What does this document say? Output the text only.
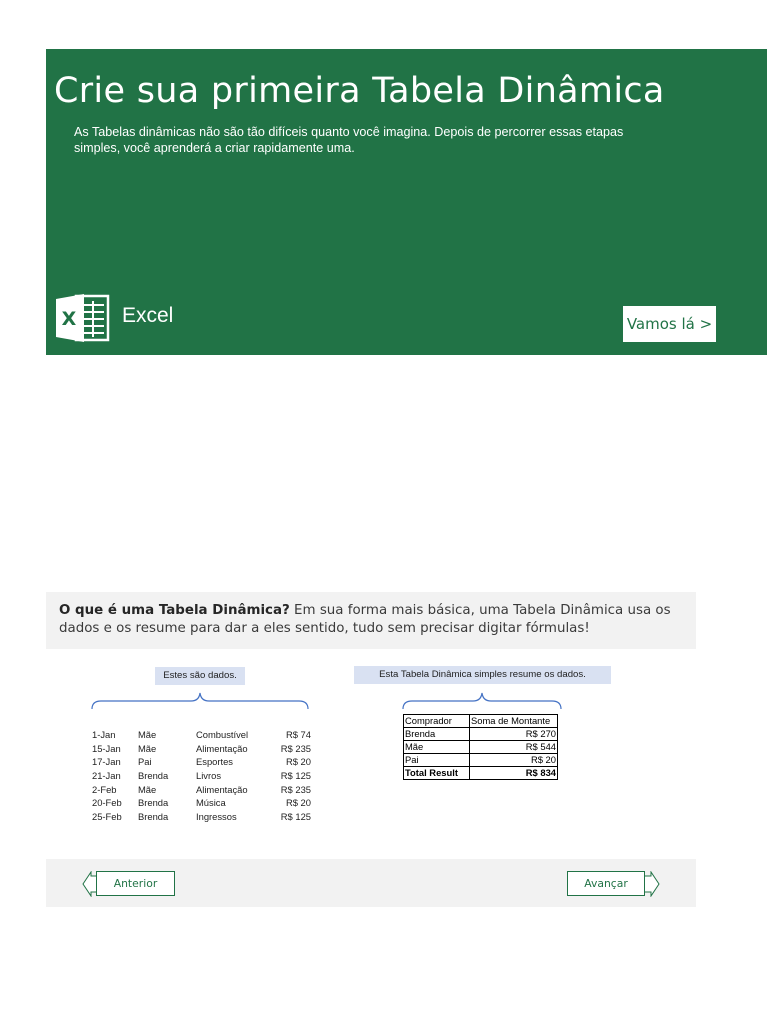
Crie sua primeira Tabela Dinâmica

As Tabelas dinâmicas não são tão difíceis quanto você imagina. Depois de percorrer essas etapas simples, você aprenderá a criar rapidamente uma.

X Excel	Vamos lá >

O que é uma Tabela Dinâmica? Em sua forma mais básica, uma Tabela Dinâmica usa os dados e os resume para dar a eles sentido, tudo sem precisar digitar fórmulas!

Estes são dados.	Esta Tabela Dinâmica simples resume os dados.
1-Jan Mãe	Combustível	R$ 74
15-Jan Mãe	Alimentação	R$ 235
17-Jan Pai	Esportes	R$ 20
21-Jan Brenda	Livros	R$ 125
2-Feb Mãe	Alimentação	R$ 235
20-Feb Brenda	Música	R$ 20
25-Feb Brenda	Ingressos	R$ 125
Comprador	Soma de Montante
Brenda	R$ 270
Mãe	R$ 544
Pai	R$ 20
Total Result	R$ 834
Anterior	Avançar
